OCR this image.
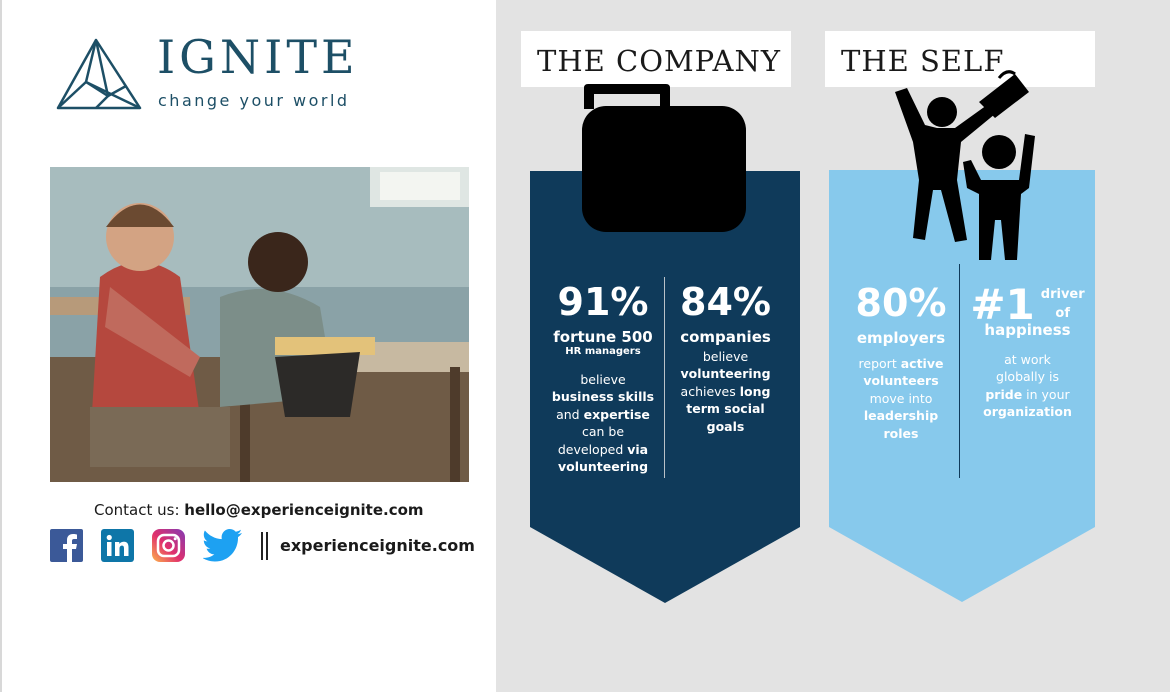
IGNITE
change your world
Contact us: hello@experienceignite.com
experienceignite.com
THE COMPANY
91%
fortune 500
HR managers
believe
business skills
and expertise
can be
developed via
volunteering
84%
companies
believe
volunteering
achieves long
term social
goals
THE SELF
80%
employers
report active
volunteers
move into
leadership
roles
#1 driver
of
happiness
at work
globally is
pride in your
organization
